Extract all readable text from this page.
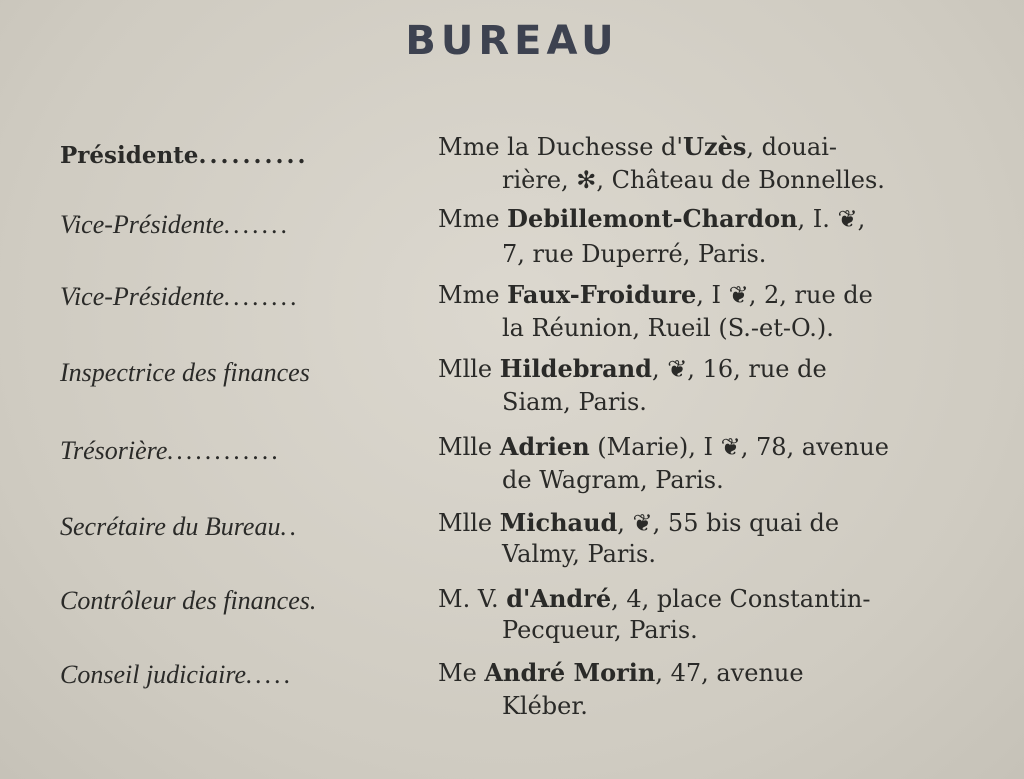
BUREAU
Présidente..........	Mme la Duchesse d'Uzès, douai-
rière, ✻, Château de Bonnelles.
Vice-Présidente.......	Mme Debillemont-Chardon, I. ❦,
7, rue Duperré, Paris.
Vice-Présidente........	Mme Faux-Froidure, I ❦, 2, rue de
la Réunion, Rueil (S.-et-O.).
Inspectrice des finances	Mlle Hildebrand, ❦, 16, rue de
Siam, Paris.
Trésorière............	Mlle Adrien (Marie), I ❦, 78, avenue
de Wagram, Paris.
Secrétaire du Bureau..	Mlle Michaud, ❦, 55 bis quai de
Valmy, Paris.
Contrôleur des finances.	M. V. d'André, 4, place Constantin-
Pecqueur, Paris.
Conseil judiciaire.....	Me André Morin, 47, avenue
Kléber.
